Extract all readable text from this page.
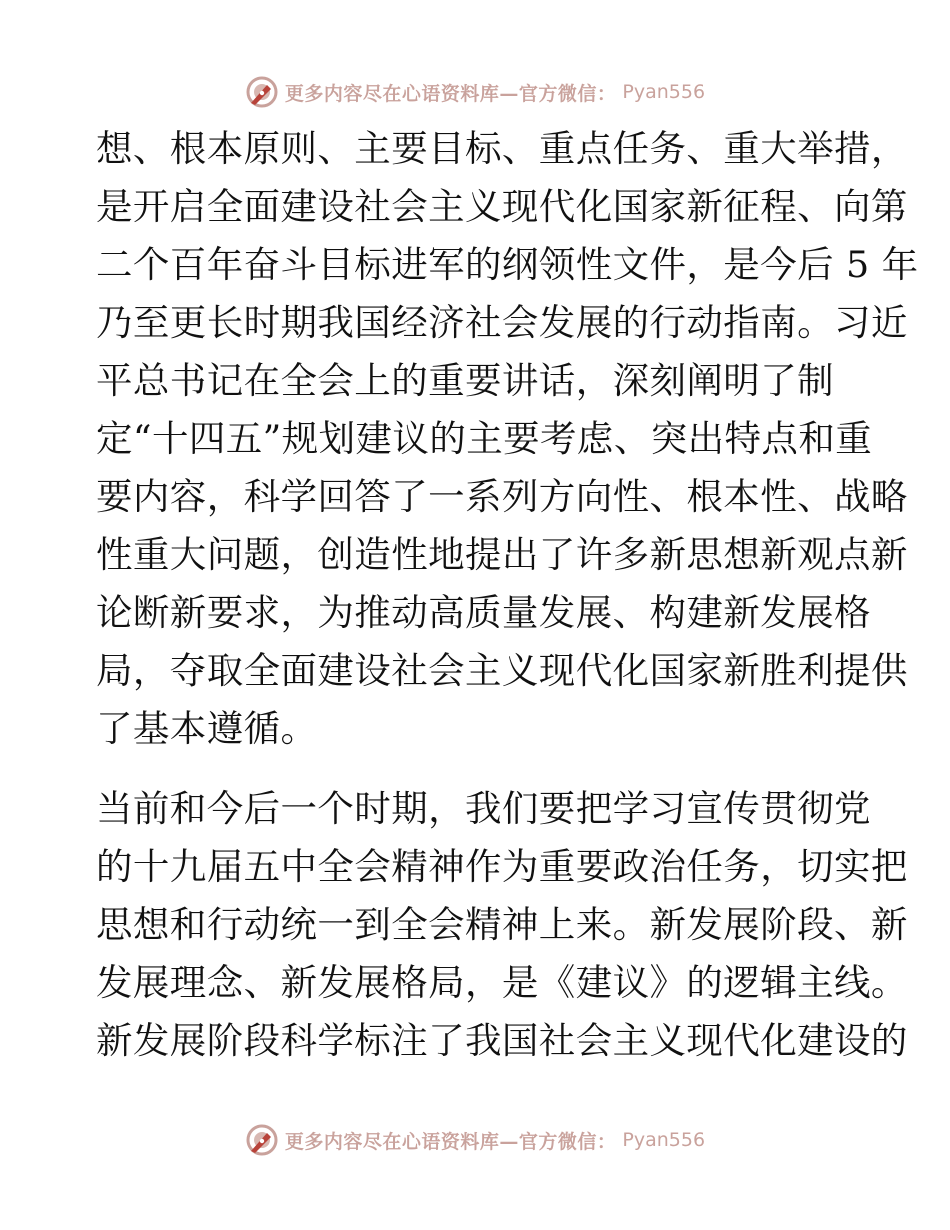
更多内容尽在心语资料库—官方微信： Pyan556
想、根本原则、主要目标、重点任务、重大举措，
是开启全面建设社会主义现代化国家新征程、向第
二个百年奋斗目标进军的纲领性文件，是今后 5 年
乃至更长时期我国经济社会发展的行动指南。习近
平总书记在全会上的重要讲话，深刻阐明了制
定“十四五”规划建议的主要考虑、突出特点和重
要内容，科学回答了一系列方向性、根本性、战略
性重大问题，创造性地提出了许多新思想新观点新
论断新要求，为推动高质量发展、构建新发展格
局，夺取全面建设社会主义现代化国家新胜利提供
了基本遵循。
当前和今后一个时期，我们要把学习宣传贯彻党
的十九届五中全会精神作为重要政治任务，切实把
思想和行动统一到全会精神上来。新发展阶段、新
发展理念、新发展格局，是《建议》的逻辑主线。
新发展阶段科学标注了我国社会主义现代化建设的
更多内容尽在心语资料库—官方微信： Pyan556
